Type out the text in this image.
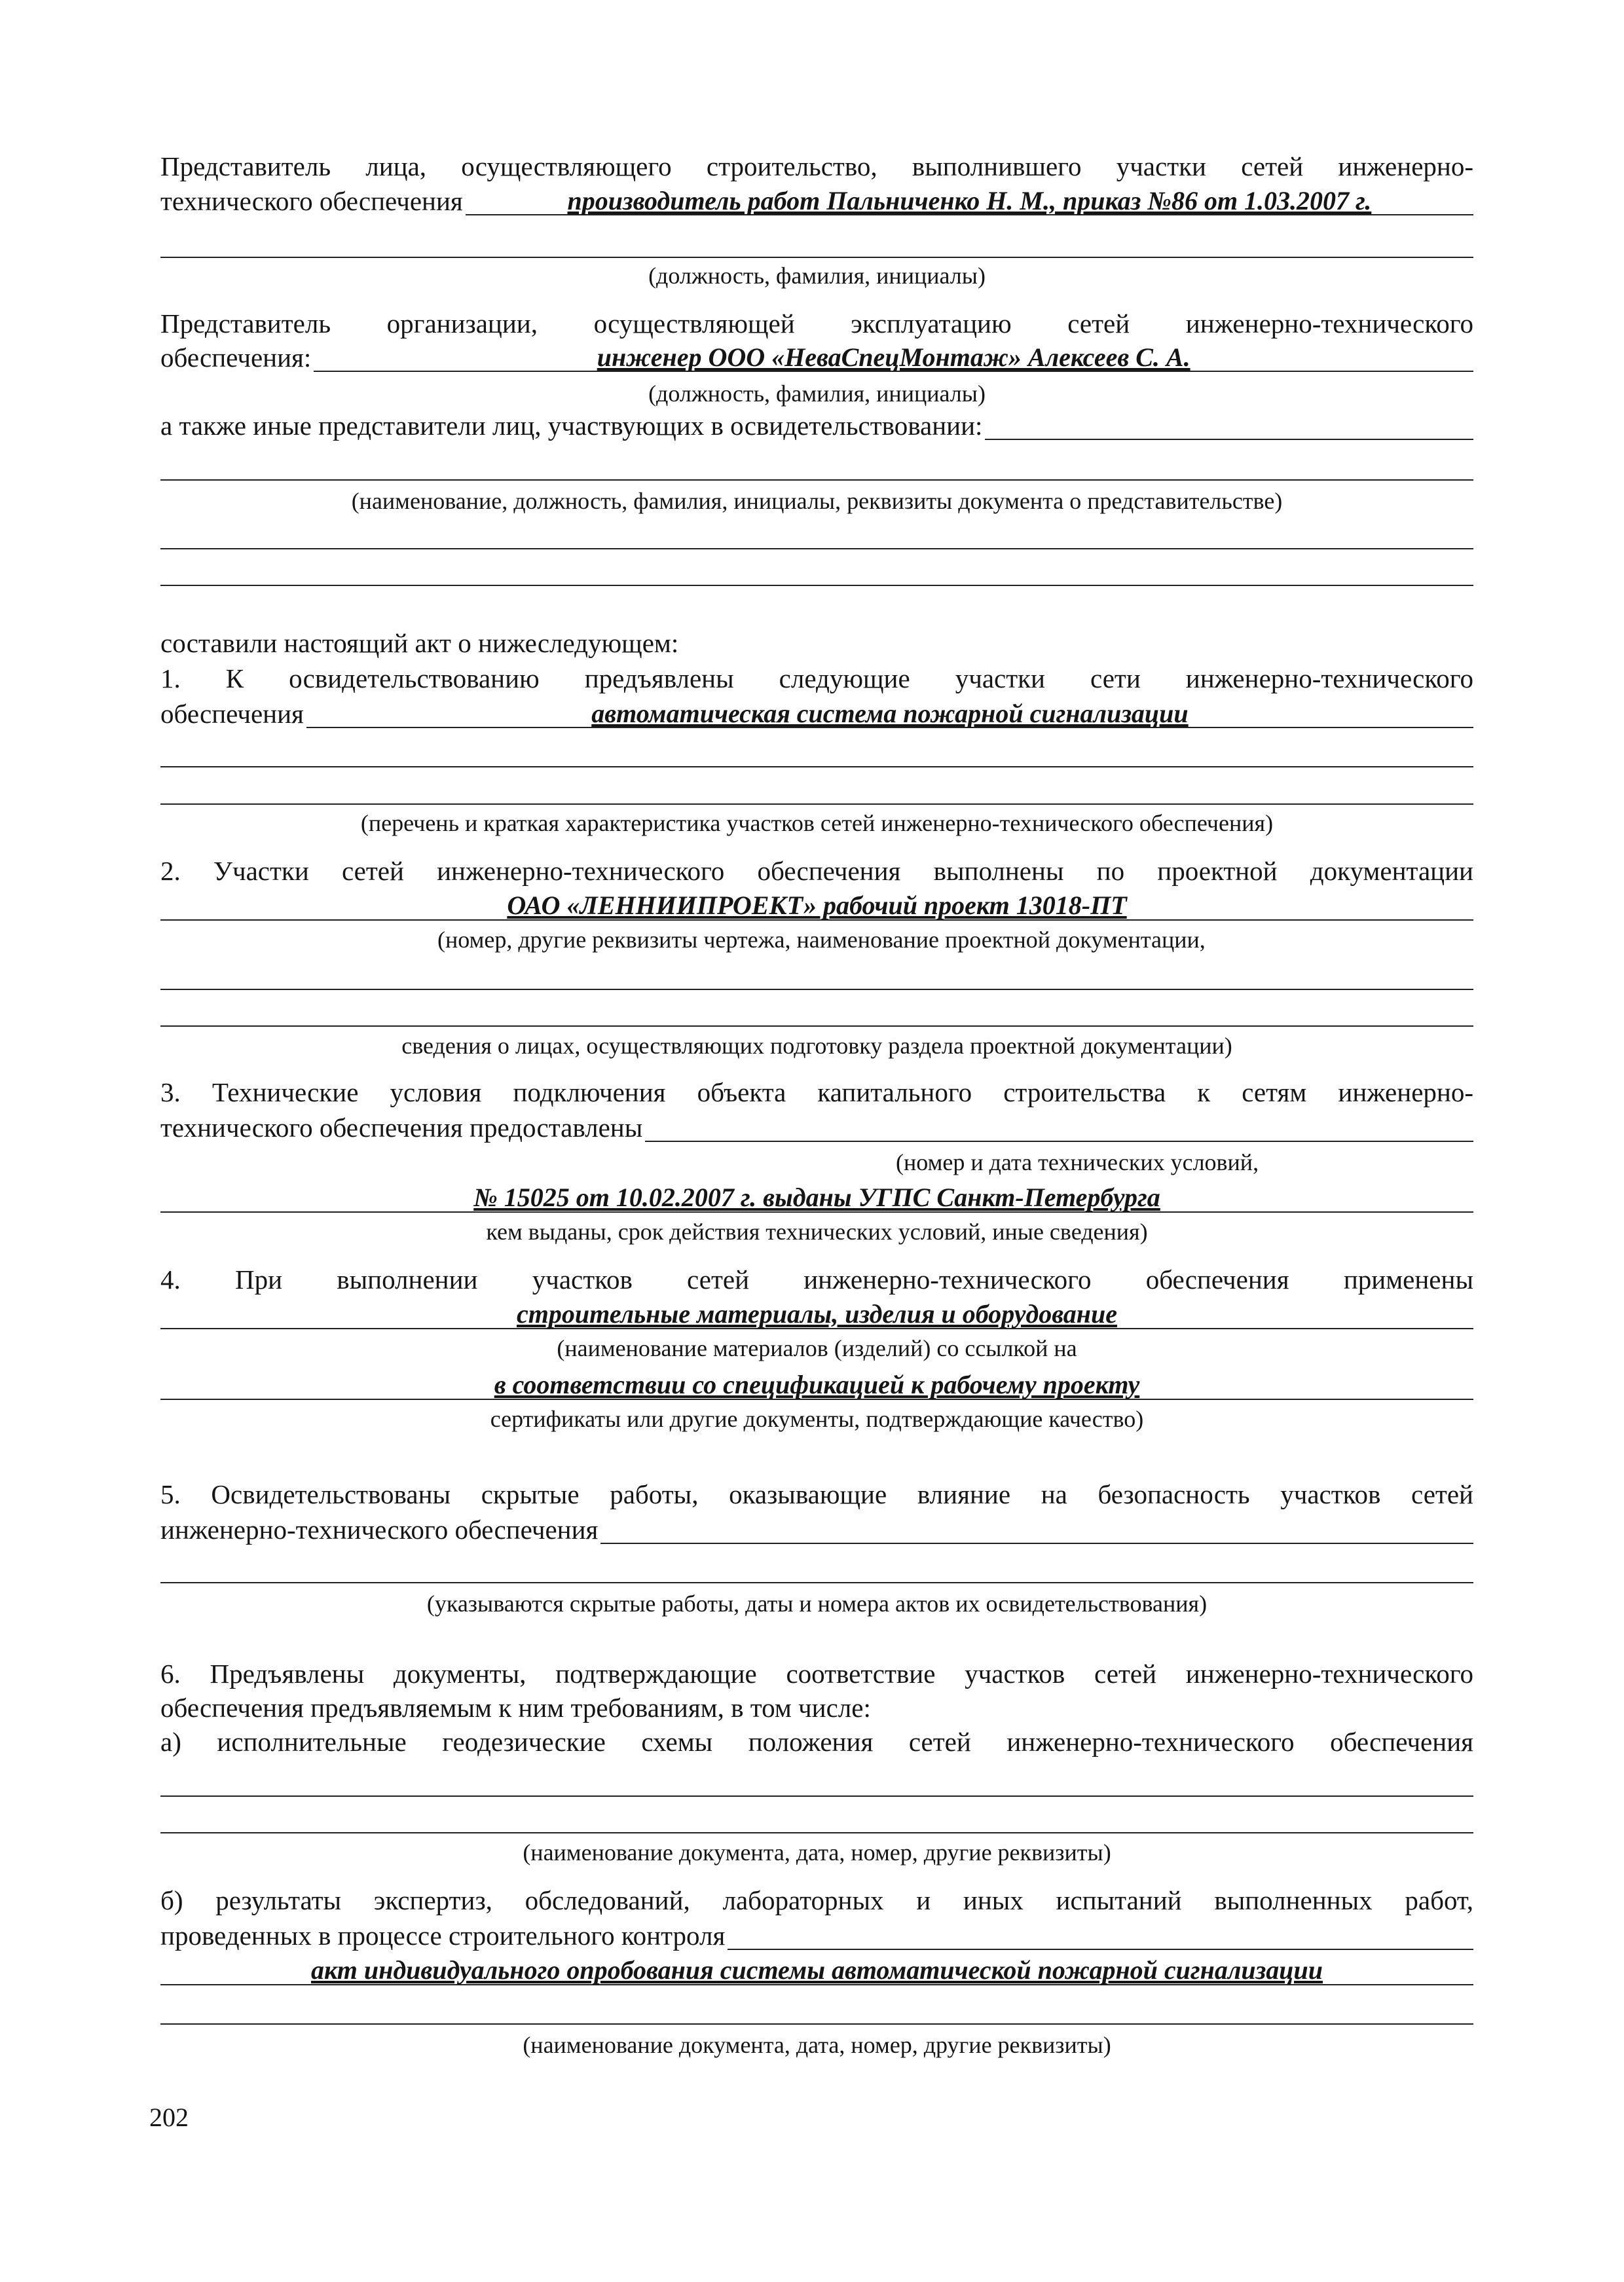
Представитель лица, осуществляющего строительство, выполнившего участки сетей инженерно-
технического обеспечения	производитель работ Пальниченко Н. М., приказ №86 от 1.03.2007 г.
(должность, фамилия, инициалы)
Представитель организации, осуществляющей эксплуатацию сетей инженерно-технического
обеспечения:	инженер ООО «НеваСпецМонтаж» Алексеев С. А.
(должность, фамилия, инициалы)
а также иные представители лиц, участвующих в освидетельствовании:
(наименование, должность, фамилия, инициалы, реквизиты документа о представительстве)
составили настоящий акт о нижеследующем:
1. К освидетельствованию предъявлены следующие участки сети инженерно-технического
обеспечения	автоматическая система пожарной сигнализации
(перечень и краткая характеристика участков сетей инженерно-технического обеспечения)
2. Участки сетей инженерно-технического обеспечения выполнены по проектной документации
ОАО «ЛЕННИИПРОЕКТ» рабочий проект 13018-ПТ
(номер, другие реквизиты чертежа, наименование проектной документации,
сведения о лицах, осуществляющих подготовку раздела проектной документации)
3. Технические условия подключения объекта капитального строительства к сетям инженерно-
технического обеспечения предоставлены
(номер и дата технических условий,
№ 15025 от 10.02.2007 г. выданы УГПС Санкт-Петербурга
кем выданы, срок действия технических условий, иные сведения)
4. При выполнении участков сетей инженерно-технического обеспечения применены
строительные материалы, изделия и оборудование
(наименование материалов (изделий) со ссылкой на
в соответствии со спецификацией к рабочему проекту
сертификаты или другие документы, подтверждающие качество)
5. Освидетельствованы скрытые работы, оказывающие влияние на безопасность участков сетей
инженерно-технического обеспечения
(указываются скрытые работы, даты и номера актов их освидетельствования)
6. Предъявлены документы, подтверждающие соответствие участков сетей инженерно-технического
обеспечения предъявляемым к ним требованиям, в том числе:
а) исполнительные геодезические схемы положения сетей инженерно-технического обеспечения
(наименование документа, дата, номер, другие реквизиты)
б) результаты экспертиз, обследований, лабораторных и иных испытаний выполненных работ,
проведенных в процессе строительного контроля
акт индивидуального опробования системы автоматической пожарной сигнализации
(наименование документа, дата, номер, другие реквизиты)
202
